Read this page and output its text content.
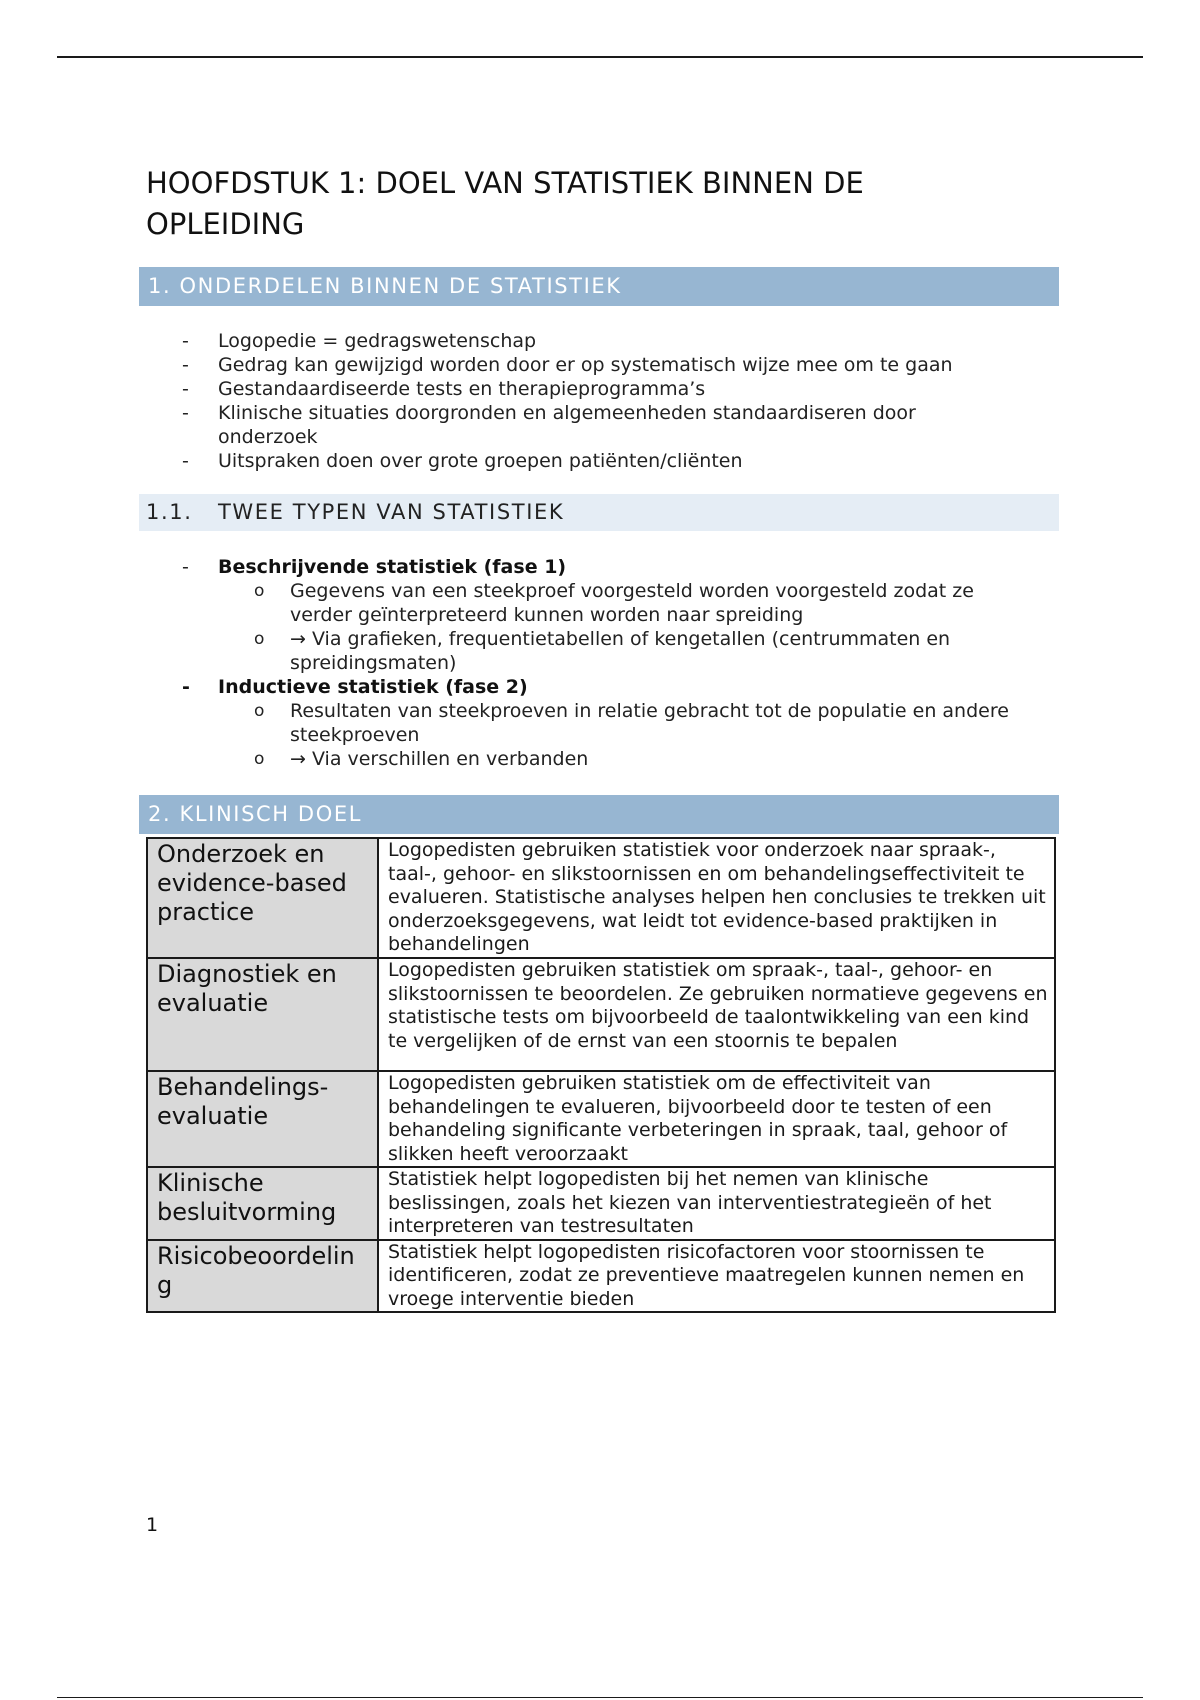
HOOFDSTUK 1: DOEL VAN STATISTIEK BINNEN DE OPLEIDING
1. ONDERDELEN BINNEN DE STATISTIEK
- Logopedie = gedragswetenschap
- Gedrag kan gewijzigd worden door er op systematisch wijze mee om te gaan
- Gestandaardiseerde tests en therapieprogramma’s
- Klinische situaties doorgronden en algemeenheden standaardiseren door onderzoek
- Uitspraken doen over grote groepen patiënten/cliënten
1.1. TWEE TYPEN VAN STATISTIEK
- Beschrijvende statistiek (fase 1)
o Gegevens van een steekproef voorgesteld worden voorgesteld zodat ze verder geïnterpreteerd kunnen worden naar spreiding
o → Via grafieken, frequentietabellen of kengetallen (centrummaten en spreidingsmaten)
- Inductieve statistiek (fase 2)
o Resultaten van steekproeven in relatie gebracht tot de populatie en andere steekproeven
o → Via verschillen en verbanden
2. KLINISCH DOEL
Onderzoek en evidence-based practice	Logopedisten gebruiken statistiek voor onderzoek naar spraak-, taal-, gehoor- en slikstoornissen en om behandelingseffectiviteit te evalueren. Statistische analyses helpen hen conclusies te trekken uit onderzoeksgegevens, wat leidt tot evidence-based praktijken in behandelingen
Diagnostiek en evaluatie	Logopedisten gebruiken statistiek om spraak-, taal-, gehoor- en slikstoornissen te beoordelen. Ze gebruiken normatieve gegevens en statistische tests om bijvoorbeeld de taalontwikkeling van een kind te vergelijken of de ernst van een stoornis te bepalen
Behandelings-evaluatie	Logopedisten gebruiken statistiek om de effectiviteit van behandelingen te evalueren, bijvoorbeeld door te testen of een behandeling significante verbeteringen in spraak, taal, gehoor of slikken heeft veroorzaakt
Klinische besluitvorming	Statistiek helpt logopedisten bij het nemen van klinische beslissingen, zoals het kiezen van interventiestrategieën of het interpreteren van testresultaten
Risicobeoordeling	Statistiek helpt logopedisten risicofactoren voor stoornissen te identificeren, zodat ze preventieve maatregelen kunnen nemen en vroege interventie bieden
1
